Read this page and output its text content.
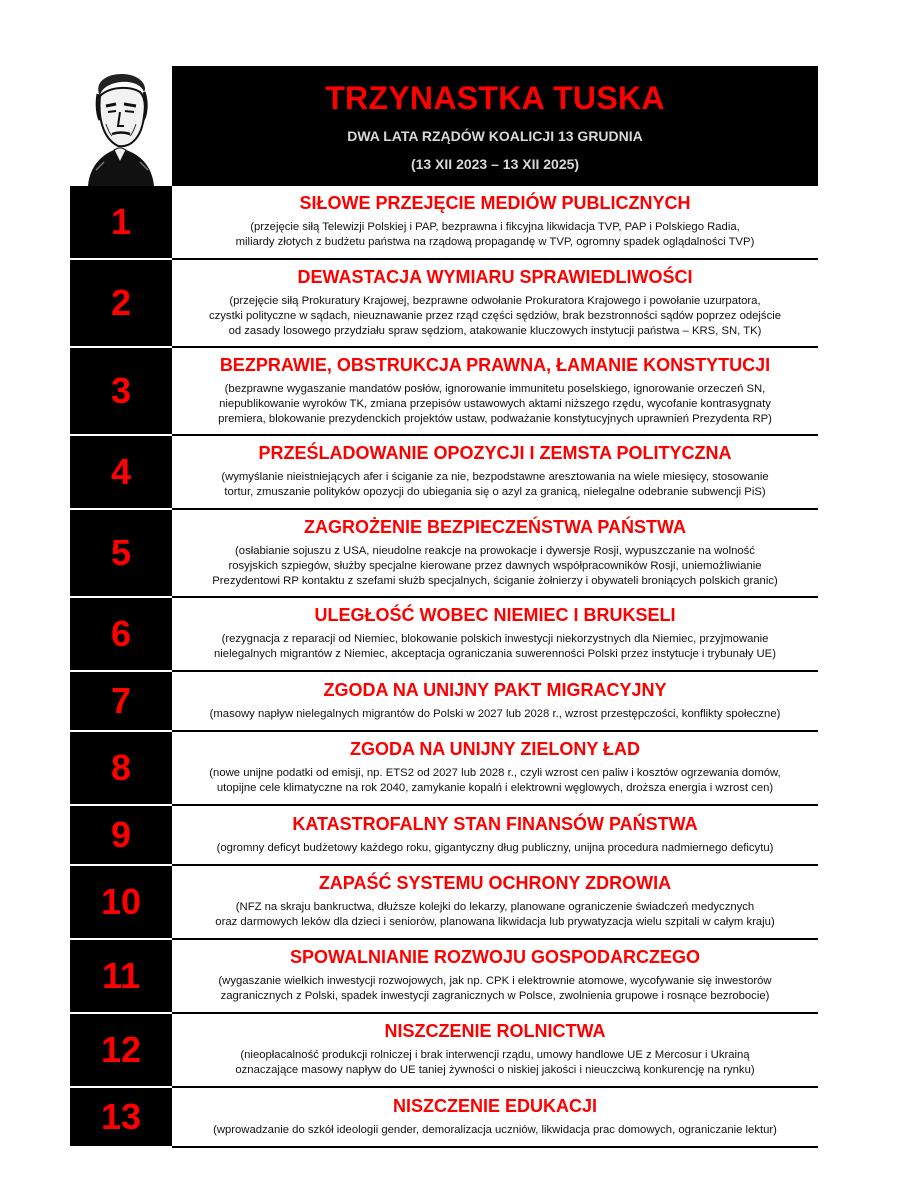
TRZYNASTKA TUSKA
DWA LATA RZĄDÓW KOALICJI 13 GRUDNIA
(13 XII 2023 – 13 XII 2025)
1	SIŁOWE PRZEJĘCIE MEDIÓW PUBLICZNYCH
(przejęcie siłą Telewizji Polskiej i PAP, bezprawna i fikcyjna likwidacja TVP, PAP i Polskiego Radia,
miliardy złotych z budżetu państwa na rządową propagandę w TVP, ogromny spadek oglądalności TVP)
2
DEWASTACJA WYMIARU SPRAWIEDLIWOŚCI
(przejęcie siłą Prokuratury Krajowej, bezprawne odwołanie Prokuratora Krajowego i powołanie uzurpatora,
czystki polityczne w sądach, nieuznawanie przez rząd części sędziów, brak bezstronności sądów poprzez odejście
od zasady losowego przydziału spraw sędziom, atakowanie kluczowych instytucji państwa – KRS, SN, TK)
3
BEZPRAWIE, OBSTRUKCJA PRAWNA, ŁAMANIE KONSTYTUCJI
(bezprawne wygaszanie mandatów posłów, ignorowanie immunitetu poselskiego, ignorowanie orzeczeń SN,
niepublikowanie wyroków TK, zmiana przepisów ustawowych aktami niższego rzędu, wycofanie kontrasygnaty
premiera, blokowanie prezydenckich projektów ustaw, podważanie konstytucyjnych uprawnień Prezydenta RP)
4	PRZEŚLADOWANIE OPOZYCJI I ZEMSTA POLITYCZNA
(wymyślanie nieistniejących afer i ściganie za nie, bezpodstawne aresztowania na wiele miesięcy, stosowanie
tortur, zmuszanie polityków opozycji do ubiegania się o azyl za granicą, nielegalne odebranie subwencji PiS)
5
ZAGROŻENIE BEZPIECZEŃSTWA PAŃSTWA
(osłabianie sojuszu z USA, nieudolne reakcje na prowokacje i dywersje Rosji, wypuszczanie na wolność
rosyjskich szpiegów, służby specjalne kierowane przez dawnych współpracowników Rosji, uniemożliwianie
Prezydentowi RP kontaktu z szefami służb specjalnych, ściganie żołnierzy i obywateli broniących polskich granic)
6	ULEGŁOŚĆ WOBEC NIEMIEC I BRUKSELI
(rezygnacja z reparacji od Niemiec, blokowanie polskich inwestycji niekorzystnych dla Niemiec, przyjmowanie
nielegalnych migrantów z Niemiec, akceptacja ograniczania suwerenności Polski przez instytucje i trybunały UE)
7	ZGODA NA UNIJNY PAKT MIGRACYJNY
(masowy napływ nielegalnych migrantów do Polski w 2027 lub 2028 r., wzrost przestępczości, konflikty społeczne)
8	ZGODA NA UNIJNY ZIELONY ŁAD
(nowe unijne podatki od emisji, np. ETS2 od 2027 lub 2028 r., czyli wzrost cen paliw i kosztów ogrzewania domów,
utopijne cele klimatyczne na rok 2040, zamykanie kopalń i elektrowni węglowych, droższa energia i wzrost cen)
9	KATASTROFALNY STAN FINANSÓW PAŃSTWA
(ogromny deficyt budżetowy każdego roku, gigantyczny dług publiczny, unijna procedura nadmiernego deficytu)
10	ZAPAŚĆ SYSTEMU OCHRONY ZDROWIA
(NFZ na skraju bankructwa, dłuższe kolejki do lekarzy, planowane ograniczenie świadczeń medycznych
oraz darmowych leków dla dzieci i seniorów, planowana likwidacja lub prywatyzacja wielu szpitali w całym kraju)
11	SPOWALNIANIE ROZWOJU GOSPODARCZEGO
(wygaszanie wielkich inwestycji rozwojowych, jak np. CPK i elektrownie atomowe, wycofywanie się inwestorów
zagranicznych z Polski, spadek inwestycji zagranicznych w Polsce, zwolnienia grupowe i rosnące bezrobocie)
12	NISZCZENIE ROLNICTWA
(nieopłacalność produkcji rolniczej i brak interwencji rządu, umowy handlowe UE z Mercosur i Ukrainą
oznaczające masowy napływ do UE taniej żywności o niskiej jakości i nieuczciwą konkurencję na rynku)
13	NISZCZENIE EDUKACJI
(wprowadzanie do szkół ideologii gender, demoralizacja uczniów, likwidacja prac domowych, ograniczanie lektur)
